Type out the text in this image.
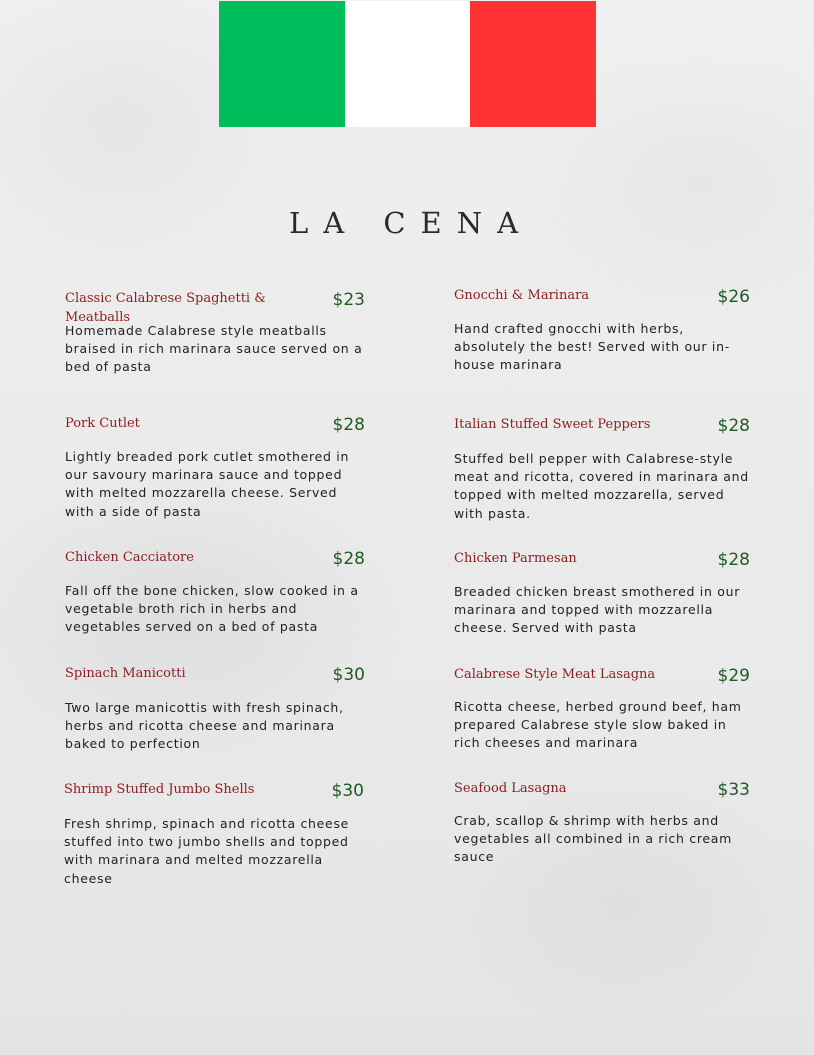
LA CENA
Classic Calabrese Spaghetti & Meatballs
$23

Homemade Calabrese style meatballs braised in rich marinara sauce served on a bed of pasta

Pork Cutlet	$28

Lightly breaded pork cutlet smothered in our savoury marinara sauce and topped with melted mozzarella cheese. Served with a side of pasta

Chicken Cacciatore	$28

Fall off the bone chicken, slow cooked in a vegetable broth rich in herbs and vegetables served on a bed of pasta

Spinach Manicotti	$30

Two large manicottis with fresh spinach, herbs and ricotta cheese and marinara baked to perfection

Shrimp Stuffed Jumbo Shells	$30

Fresh shrimp, spinach and ricotta cheese stuffed into two jumbo shells and topped with marinara and melted mozzarella cheese

Gnocchi & Marinara	$26

Hand crafted gnocchi with herbs, absolutely the best! Served with our in-house marinara

Italian Stuffed Sweet Peppers	$28

Stuffed bell pepper with Calabrese-style meat and ricotta, covered in marinara and topped with melted mozzarella, served with pasta.

Chicken Parmesan	$28

Breaded chicken breast smothered in our marinara and topped with mozzarella cheese. Served with pasta

Calabrese Style Meat Lasagna	$29

Ricotta cheese, herbed ground beef, ham prepared Calabrese style slow baked in rich cheeses and marinara

Seafood Lasagna	$33

Crab, scallop & shrimp with herbs and vegetables all combined in a rich cream sauce
